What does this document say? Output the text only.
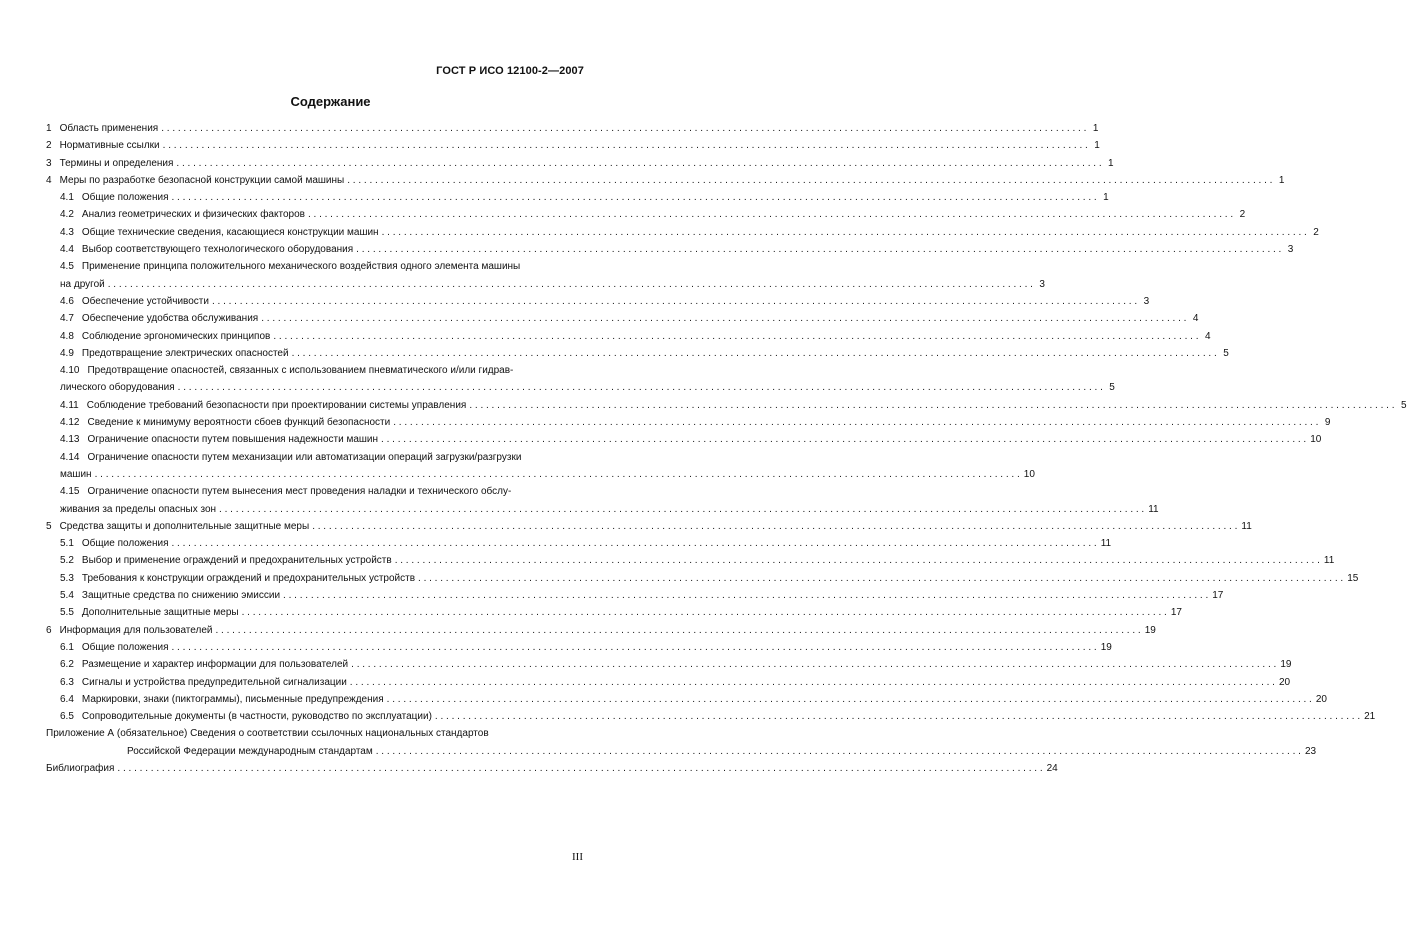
ГОСТ Р ИСО 12100-2—2007
Содержание
1 Область применения . . .	1
2 Нормативные ссылки . . .	1
3 Термины и определения . . .	1
4 Меры по разработке безопасной конструкции самой машины . . .	1
4.1 Общие положения . . .	1
4.2 Анализ геометрических и физических факторов . . .	2
4.3 Общие технические сведения, касающиеся конструкции машин . . .	2
4.4 Выбор соответствующего технологического оборудования . . .	3
4.5 Применение принципа положительного механического воздействия одного элемента машины
на другой . . .	3
4.6 Обеспечение устойчивости . . .	3
4.7 Обеспечение удобства обслуживания . . .	4
4.8 Соблюдение эргономических принципов . . .	4
4.9 Предотвращение электрических опасностей . . .	5
4.10 Предотвращение опасностей, связанных с использованием пневматического и/или гидрав-
лического оборудования . . .	5
4.11 Соблюдение требований безопасности при проектировании системы управления . . .	5
4.12 Сведение к минимуму вероятности сбоев функций безопасности . . .	9
4.13 Ограничение опасности путем повышения надежности машин . . .	10
4.14 Ограничение опасности путем механизации или автоматизации операций загрузки/разгрузки
машин . . .	10
4.15 Ограничение опасности путем вынесения мест проведения наладки и технического обслу-
живания за пределы опасных зон . . .	11
5 Средства защиты и дополнительные защитные меры . . .	11
5.1 Общие положения . . .	11
5.2 Выбор и применение ограждений и предохранительных устройств . . .	11
5.3 Требования к конструкции ограждений и предохранительных устройств . . .	15
5.4 Защитные средства по снижению эмиссии . . .	17
5.5 Дополнительные защитные меры . . .	17
6 Информация для пользователей . . .	19
6.1 Общие положения . . .	19
6.2 Размещение и характер информации для пользователей . . .	19
6.3 Сигналы и устройства предупредительной сигнализации . . .	20
6.4 Маркировки, знаки (пиктограммы), письменные предупреждения . . .	20
6.5 Сопроводительные документы (в частности, руководство по эксплуатации) . . .	21
Приложение А (обязательное) Сведения о соответствии ссылочных национальных стандартов
Российской Федерации международным стандартам . . .	23
Библиография . . .	24
III
